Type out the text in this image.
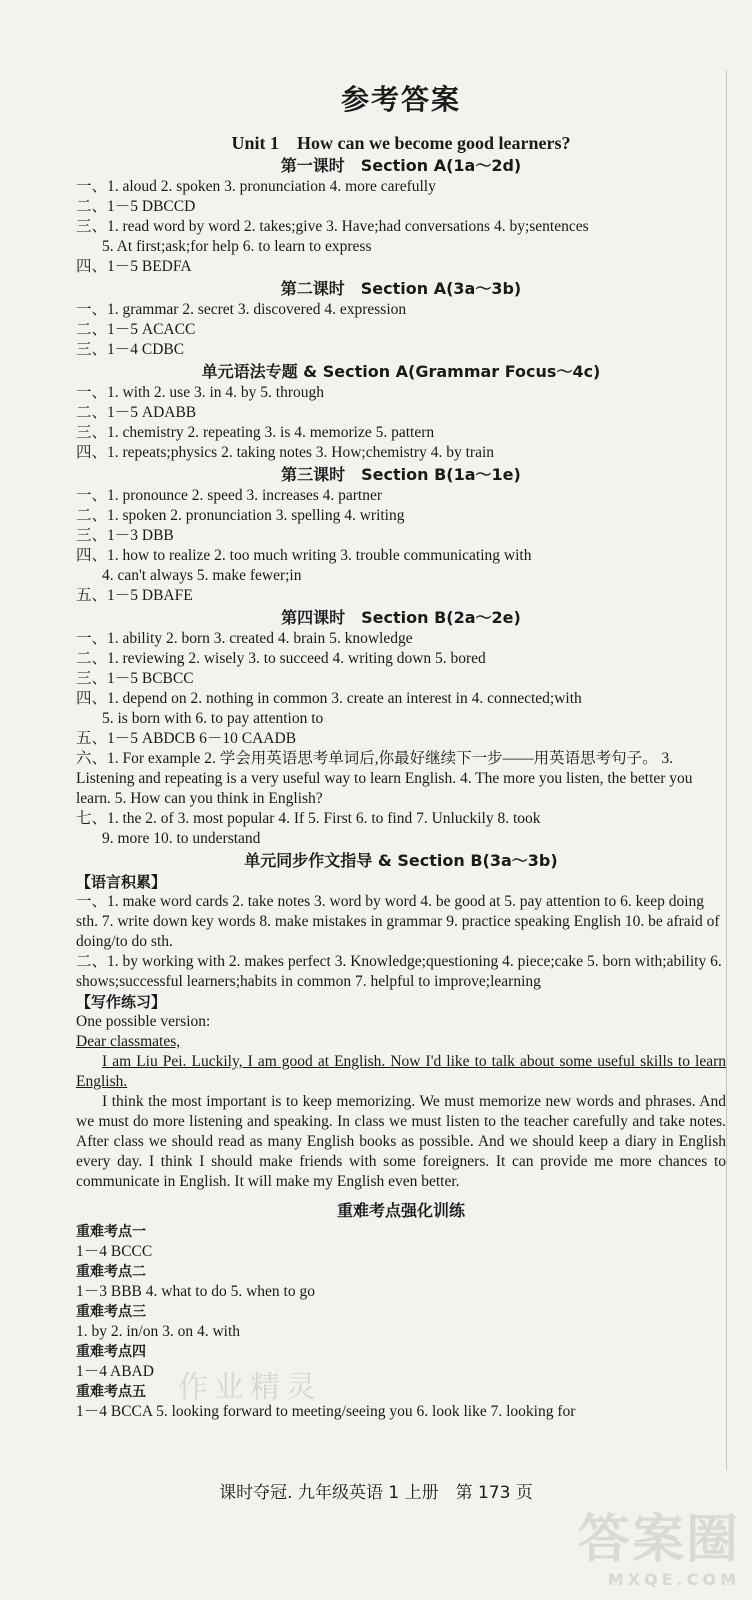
参考答案
Unit 1　How can we become good learners?
第一课时　Section A(1a～2d)
一、1. aloud 2. spoken 3. pronunciation 4. more carefully
二、1－5 DBCCD
三、1. read word by word 2. takes;give 3. Have;had conversations 4. by;sentences
5. At first;ask;for help 6. to learn to express
四、1－5 BEDFA
第二课时　Section A(3a～3b)
一、1. grammar 2. secret 3. discovered 4. expression
二、1－5 ACACC
三、1－4 CDBC
单元语法专题 & Section A(Grammar Focus～4c)
一、1. with 2. use 3. in 4. by 5. through
二、1－5 ADABB
三、1. chemistry 2. repeating 3. is 4. memorize 5. pattern
四、1. repeats;physics 2. taking notes 3. How;chemistry 4. by train
第三课时　Section B(1a～1e)
一、1. pronounce 2. speed 3. increases 4. partner
二、1. spoken 2. pronunciation 3. spelling 4. writing
三、1－3 DBB
四、1. how to realize 2. too much writing 3. trouble communicating with
4. can't always 5. make fewer;in
五、1－5 DBAFE
第四课时　Section B(2a～2e)
一、1. ability 2. born 3. created 4. brain 5. knowledge
二、1. reviewing 2. wisely 3. to succeed 4. writing down 5. bored
三、1－5 BCBCC
四、1. depend on 2. nothing in common 3. create an interest in 4. connected;with
5. is born with 6. to pay attention to
五、1－5 ABDCB 6－10 CAADB
六、1. For example 2. 学会用英语思考单词后,你最好继续下一步——用英语思考句子。 3. Listening and repeating is a very useful way to learn English. 4. The more you listen, the better you learn. 5. How can you think in English?
七、1. the 2. of 3. most popular 4. If 5. First 6. to find 7. Unluckily 8. took
9. more 10. to understand
单元同步作文指导 & Section B(3a～3b)
【语言积累】
一、1. make word cards 2. take notes 3. word by word 4. be good at 5. pay attention to 6. keep doing sth. 7. write down key words 8. make mistakes in grammar 9. practice speaking English 10. be afraid of doing/to do sth.
二、1. by working with 2. makes perfect 3. Knowledge;questioning 4. piece;cake 5. born with;ability 6. shows;successful learners;habits in common 7. helpful to improve;learning
【写作练习】
One possible version:
Dear classmates,

I am Liu Pei. Luckily, I am good at English. Now I'd like to talk about some useful skills to learn English.

I think the most important is to keep memorizing. We must memorize new words and phrases. And we must do more listening and speaking. In class we must listen to the teacher carefully and take notes. After class we should read as many English books as possible. And we should keep a diary in English every day. I think I should make friends with some foreigners. It can provide me more chances to communicate in English. It will make my English even better.

重难考点强化训练
重难考点一
1－4 BCCC
重难考点二
1－3 BBB 4. what to do 5. when to go
重难考点三
1. by 2. in/on 3. on 4. with
重难考点四
1－4 ABAD
重难考点五
1－4 BCCA 5. looking forward to meeting/seeing you 6. look like 7. looking for
作业精灵
课时夺冠. 九年级英语 1 上册　第 173 页
答案圈
MXQE.COM
